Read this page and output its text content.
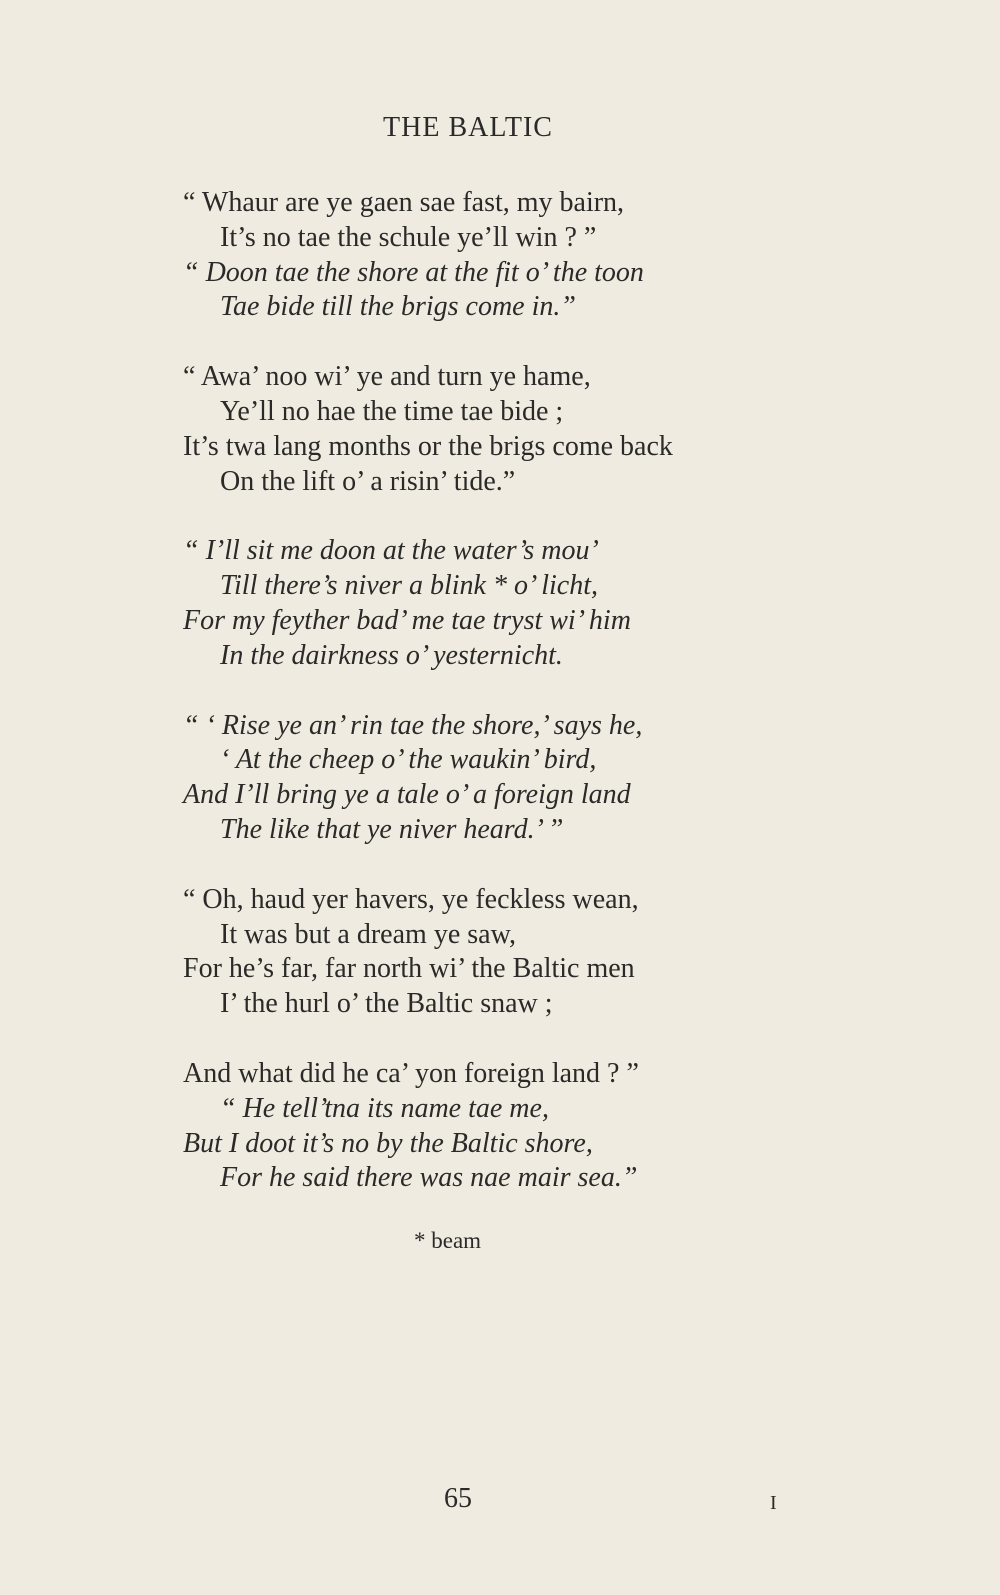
THE BALTIC
“ Whaur are ye gaen sae fast, my bairn,
It’s no tae the schule ye’ll win ? ”
“ Doon tae the shore at the fit o’ the toon
Tae bide till the brigs come in.”
“ Awa’ noo wi’ ye and turn ye hame,
Ye’ll no hae the time tae bide ;
It’s twa lang months or the brigs come back
On the lift o’ a risin’ tide.”
“ I’ll sit me doon at the water’s mou’
Till there’s niver a blink * o’ licht,
For my feyther bad’ me tae tryst wi’ him
In the dairkness o’ yesternicht.
“ ‘ Rise ye an’ rin tae the shore,’ says he,
‘ At the cheep o’ the waukin’ bird,
And I’ll bring ye a tale o’ a foreign land
The like that ye niver heard.’ ”
“ Oh, haud yer havers, ye feckless wean,
It was but a dream ye saw,
For he’s far, far north wi’ the Baltic men
I’ the hurl o’ the Baltic snaw ;
And what did he ca’ yon foreign land ? ”
“ He tell’tna its name tae me,
But I doot it’s no by the Baltic shore,
For he said there was nae mair sea.”
* beam
65	I
